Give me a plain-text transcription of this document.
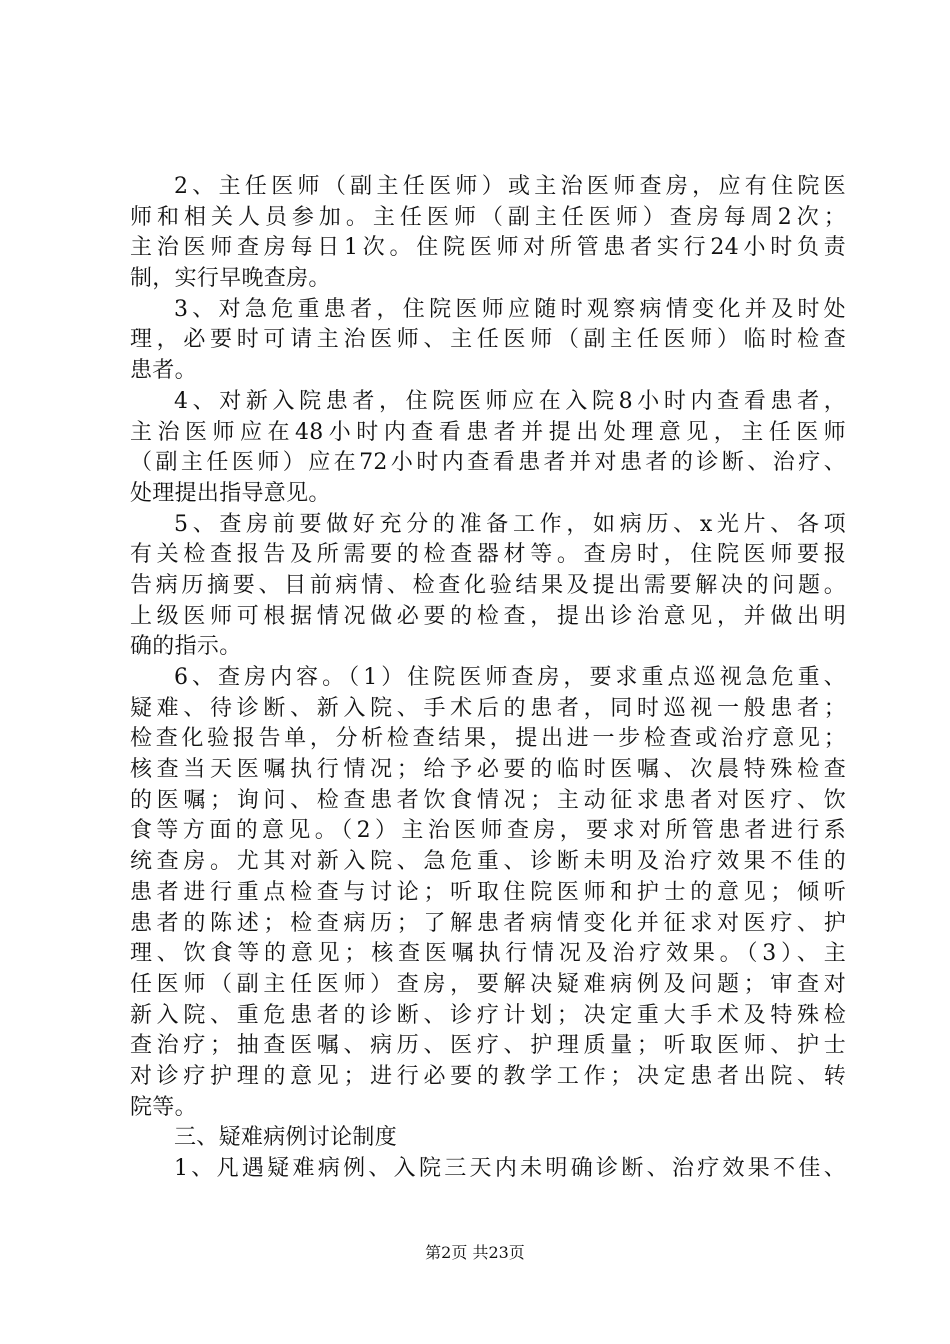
2、主任医师（副主任医师）或主治医师查房，应有住院医
师和相关人员参加。主任医师（副主任医师）查房每周2次；
主治医师查房每日1次。住院医师对所管患者实行24小时负责
制，实行早晚查房。
3、对急危重患者，住院医师应随时观察病情变化并及时处
理，必要时可请主治医师、主任医师（副主任医师）临时检查
患者。
4、对新入院患者，住院医师应在入院8小时内查看患者，
主治医师应在48小时内查看患者并提出处理意见，主任医师
（副主任医师）应在72小时内查看患者并对患者的诊断、治疗、
处理提出指导意见。
5、查房前要做好充分的准备工作，如病历、x光片、各项
有关检查报告及所需要的检查器材等。查房时，住院医师要报
告病历摘要、目前病情、检查化验结果及提出需要解决的问题。
上级医师可根据情况做必要的检查，提出诊治意见，并做出明
确的指示。
6、查房内容。（1）住院医师查房，要求重点巡视急危重、
疑难、待诊断、新入院、手术后的患者，同时巡视一般患者；
检查化验报告单，分析检查结果，提出进一步检查或治疗意见；
核查当天医嘱执行情况；给予必要的临时医嘱、次晨特殊检查
的医嘱；询问、检查患者饮食情况；主动征求患者对医疗、饮
食等方面的意见。（2）主治医师查房，要求对所管患者进行系
统查房。尤其对新入院、急危重、诊断未明及治疗效果不佳的
患者进行重点检查与讨论；听取住院医师和护士的意见；倾听
患者的陈述；检查病历；了解患者病情变化并征求对医疗、护
理、饮食等的意见；核查医嘱执行情况及治疗效果。（3）、主
任医师（副主任医师）查房，要解决疑难病例及问题；审查对
新入院、重危患者的诊断、诊疗计划；决定重大手术及特殊检
查治疗；抽查医嘱、病历、医疗、护理质量；听取医师、护士
对诊疗护理的意见；进行必要的教学工作；决定患者出院、转
院等。
三、疑难病例讨论制度
1、凡遇疑难病例、入院三天内未明确诊断、治疗效果不佳、
第2页 共23页
